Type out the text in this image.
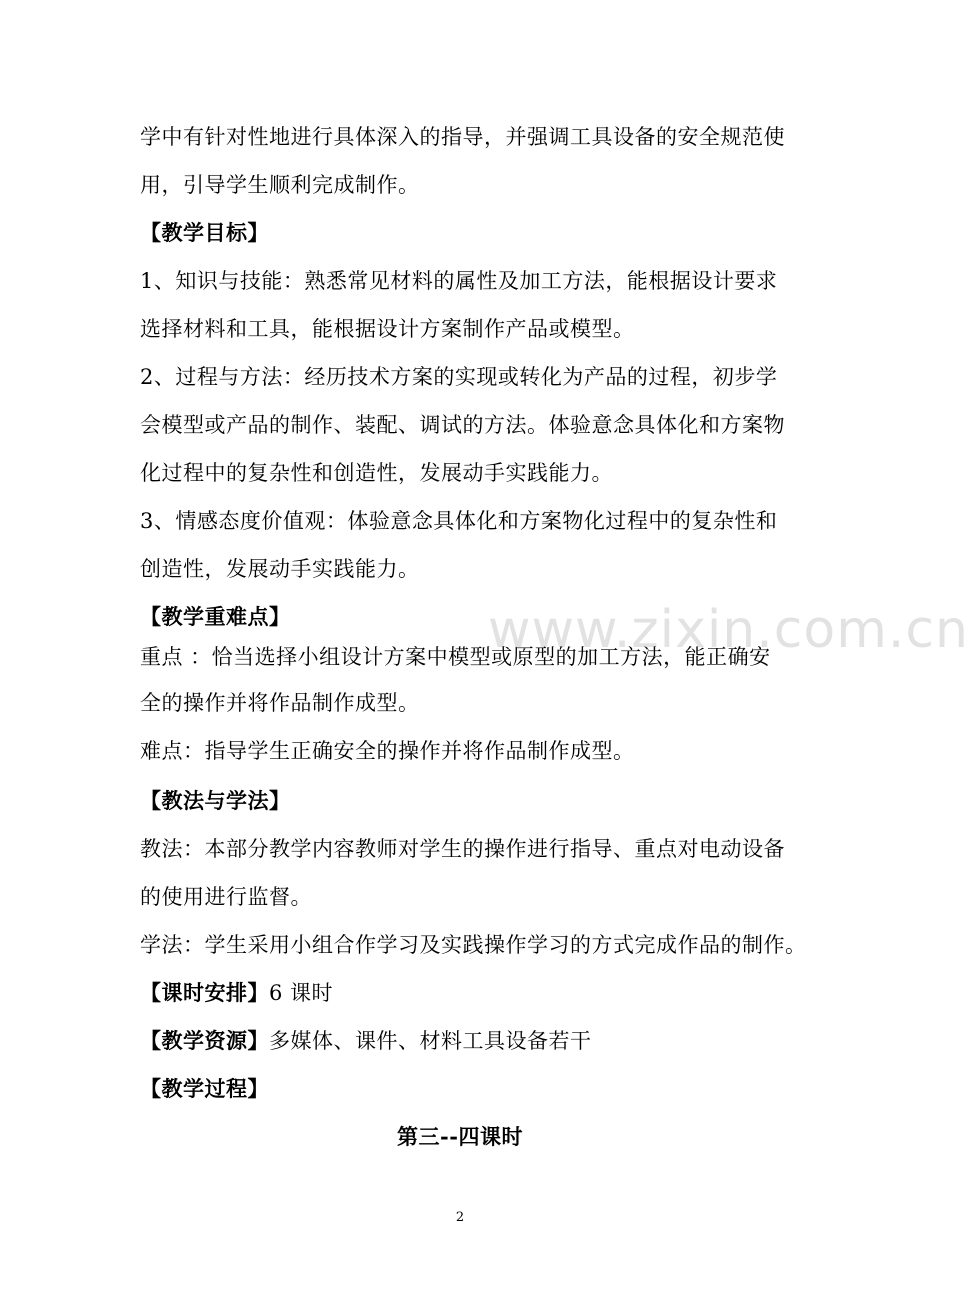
www.zixin.com.cn
学中有针对性地进行具体深入的指导，并强调工具设备的安全规范使
用，引导学生顺利完成制作。
【教学目标】
1、知识与技能：熟悉常见材料的属性及加工方法，能根据设计要求
选择材料和工具，能根据设计方案制作产品或模型。
2、过程与方法：经历技术方案的实现或转化为产品的过程，初步学
会模型或产品的制作、装配、调试的方法。体验意念具体化和方案物
化过程中的复杂性和创造性，发展动手实践能力。
3、情感态度价值观：体验意念具体化和方案物化过程中的复杂性和
创造性，发展动手实践能力。
【教学重难点】
重点 ：恰当选择小组设计方案中模型或原型的加工方法，能正确安
全的操作并将作品制作成型。
难点：指导学生正确安全的操作并将作品制作成型。
【教法与学法】
教法：本部分教学内容教师对学生的操作进行指导、重点对电动设备
的使用进行监督。
学法：学生采用小组合作学习及实践操作学习的方式完成作品的制作。
【课时安排】6 课时
【教学资源】多媒体、课件、材料工具设备若干
【教学过程】
第三--四课时
2
